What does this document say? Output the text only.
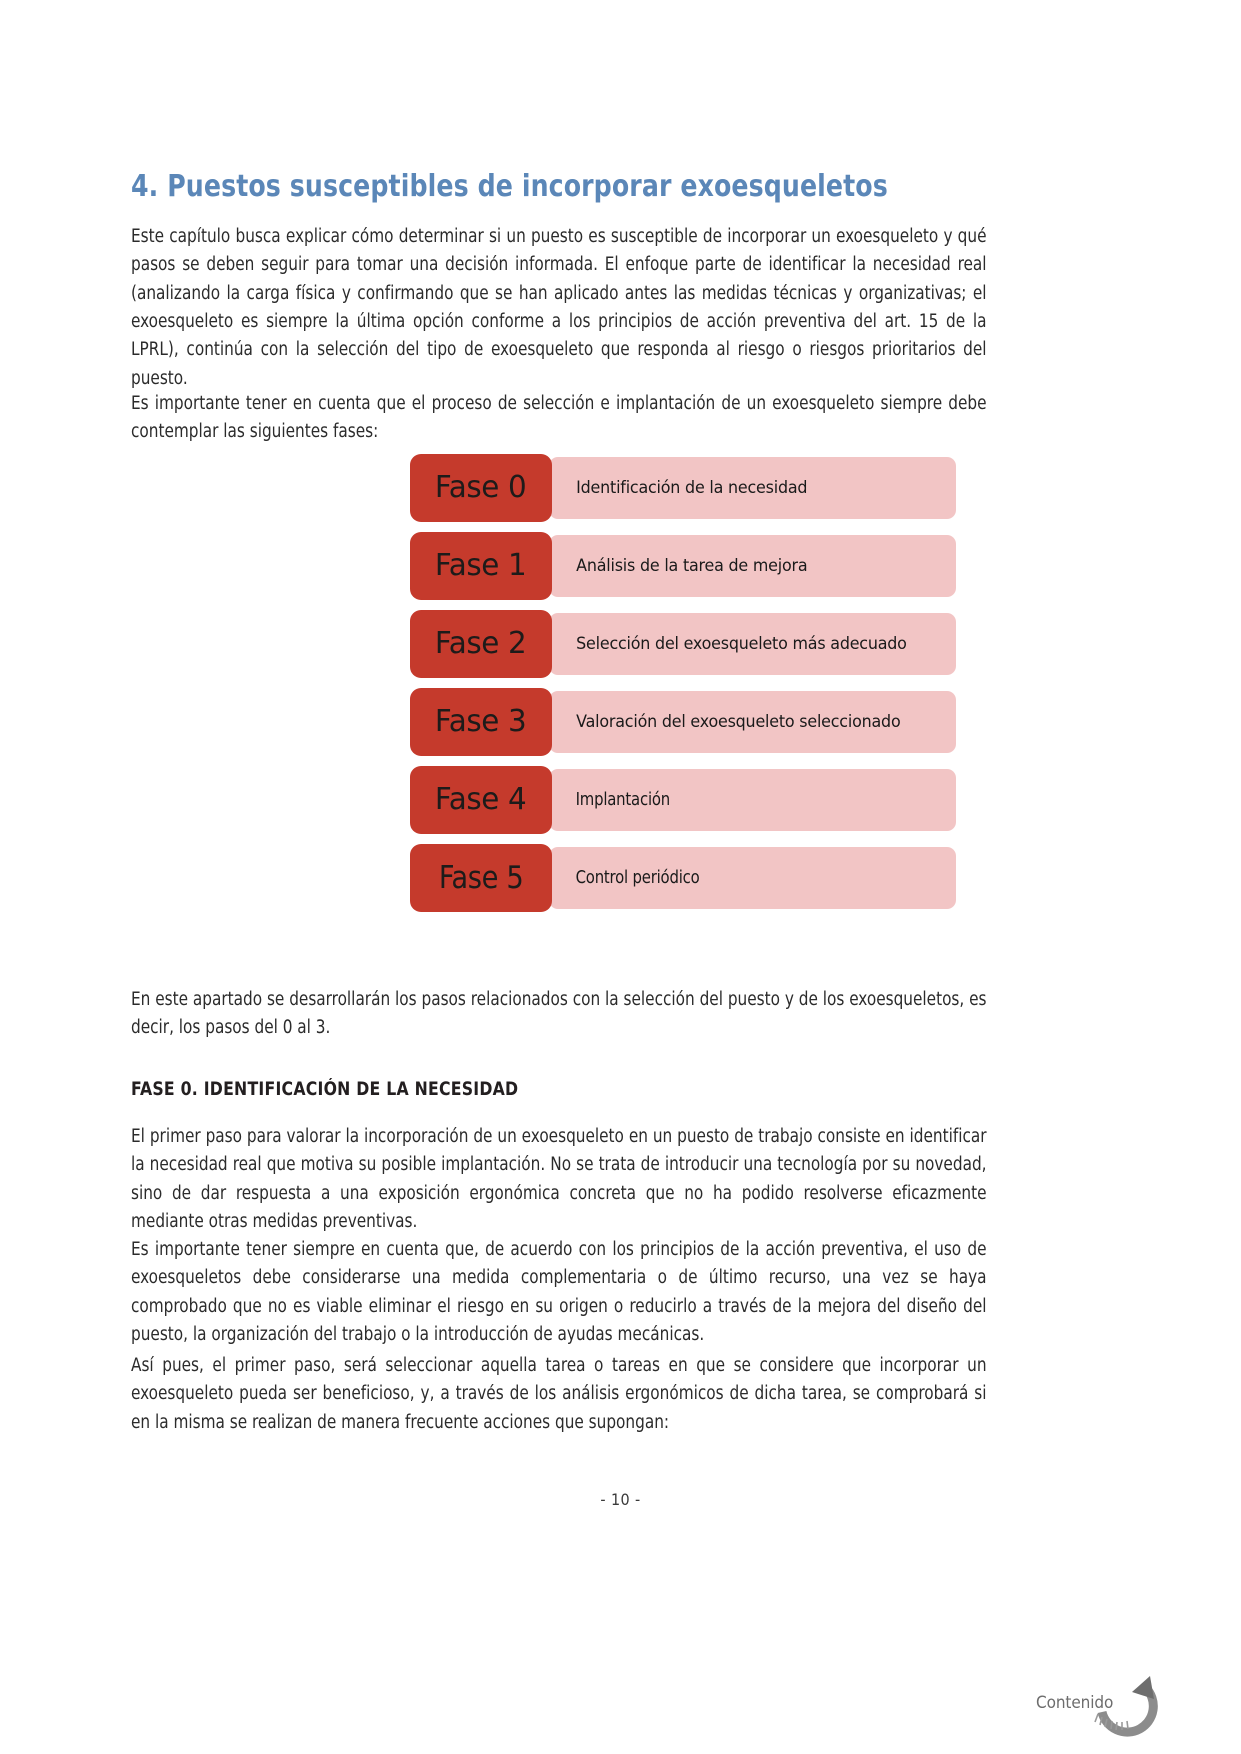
4. Puestos susceptibles de incorporar exoesqueletos

Este capítulo busca explicar cómo determinar si un puesto es susceptible de incorporar un exoesqueleto y qué pasos se deben seguir para tomar una decisión informada. El enfoque parte de identificar la necesidad real (analizando la carga física y confirmando que se han aplicado antes las medidas técnicas y organizativas; el exoesqueleto es siempre la última opción conforme a los principios de acción preventiva del art. 15 de la LPRL), continúa con la selección del tipo de exoesqueleto que responda al riesgo o riesgos prioritarios del puesto.

Es importante tener en cuenta que el proceso de selección e implantación de un exoesqueleto siempre debe contemplar las siguientes fases:

Identificación de la necesidad
Fase 0
Análisis de la tarea de mejora
Fase 1
Selección del exoesqueleto más adecuado
Fase 2
Valoración del exoesqueleto seleccionado
Fase 3
Implantación
Fase 4
Control periódico
Fase 5

En este apartado se desarrollarán los pasos relacionados con la selección del puesto y de los exoesqueletos, es decir, los pasos del 0 al 3.

FASE 0. IDENTIFICACIÓN DE LA NECESIDAD

El primer paso para valorar la incorporación de un exoesqueleto en un puesto de trabajo consiste en identificar la necesidad real que motiva su posible implantación. No se trata de introducir una tecnología por su novedad, sino de dar respuesta a una exposición ergonómica concreta que no ha podido resolverse eficazmente mediante otras medidas preventivas.

Es importante tener siempre en cuenta que, de acuerdo con los principios de la acción preventiva, el uso de exoesqueletos debe considerarse una medida complementaria o de último recurso, una vez se haya comprobado que no es viable eliminar el riesgo en su origen o reducirlo a través de la mejora del diseño del puesto, la organización del trabajo o la introducción de ayudas mecánicas.

Así pues, el primer paso, será seleccionar aquella tarea o tareas en que se considere que incorporar un exoesqueleto pueda ser beneficioso, y, a través de los análisis ergonómicos de dicha tarea, se comprobará si en la misma se realizan de manera frecuente acciones que supongan:

- 10 -
Contenido
